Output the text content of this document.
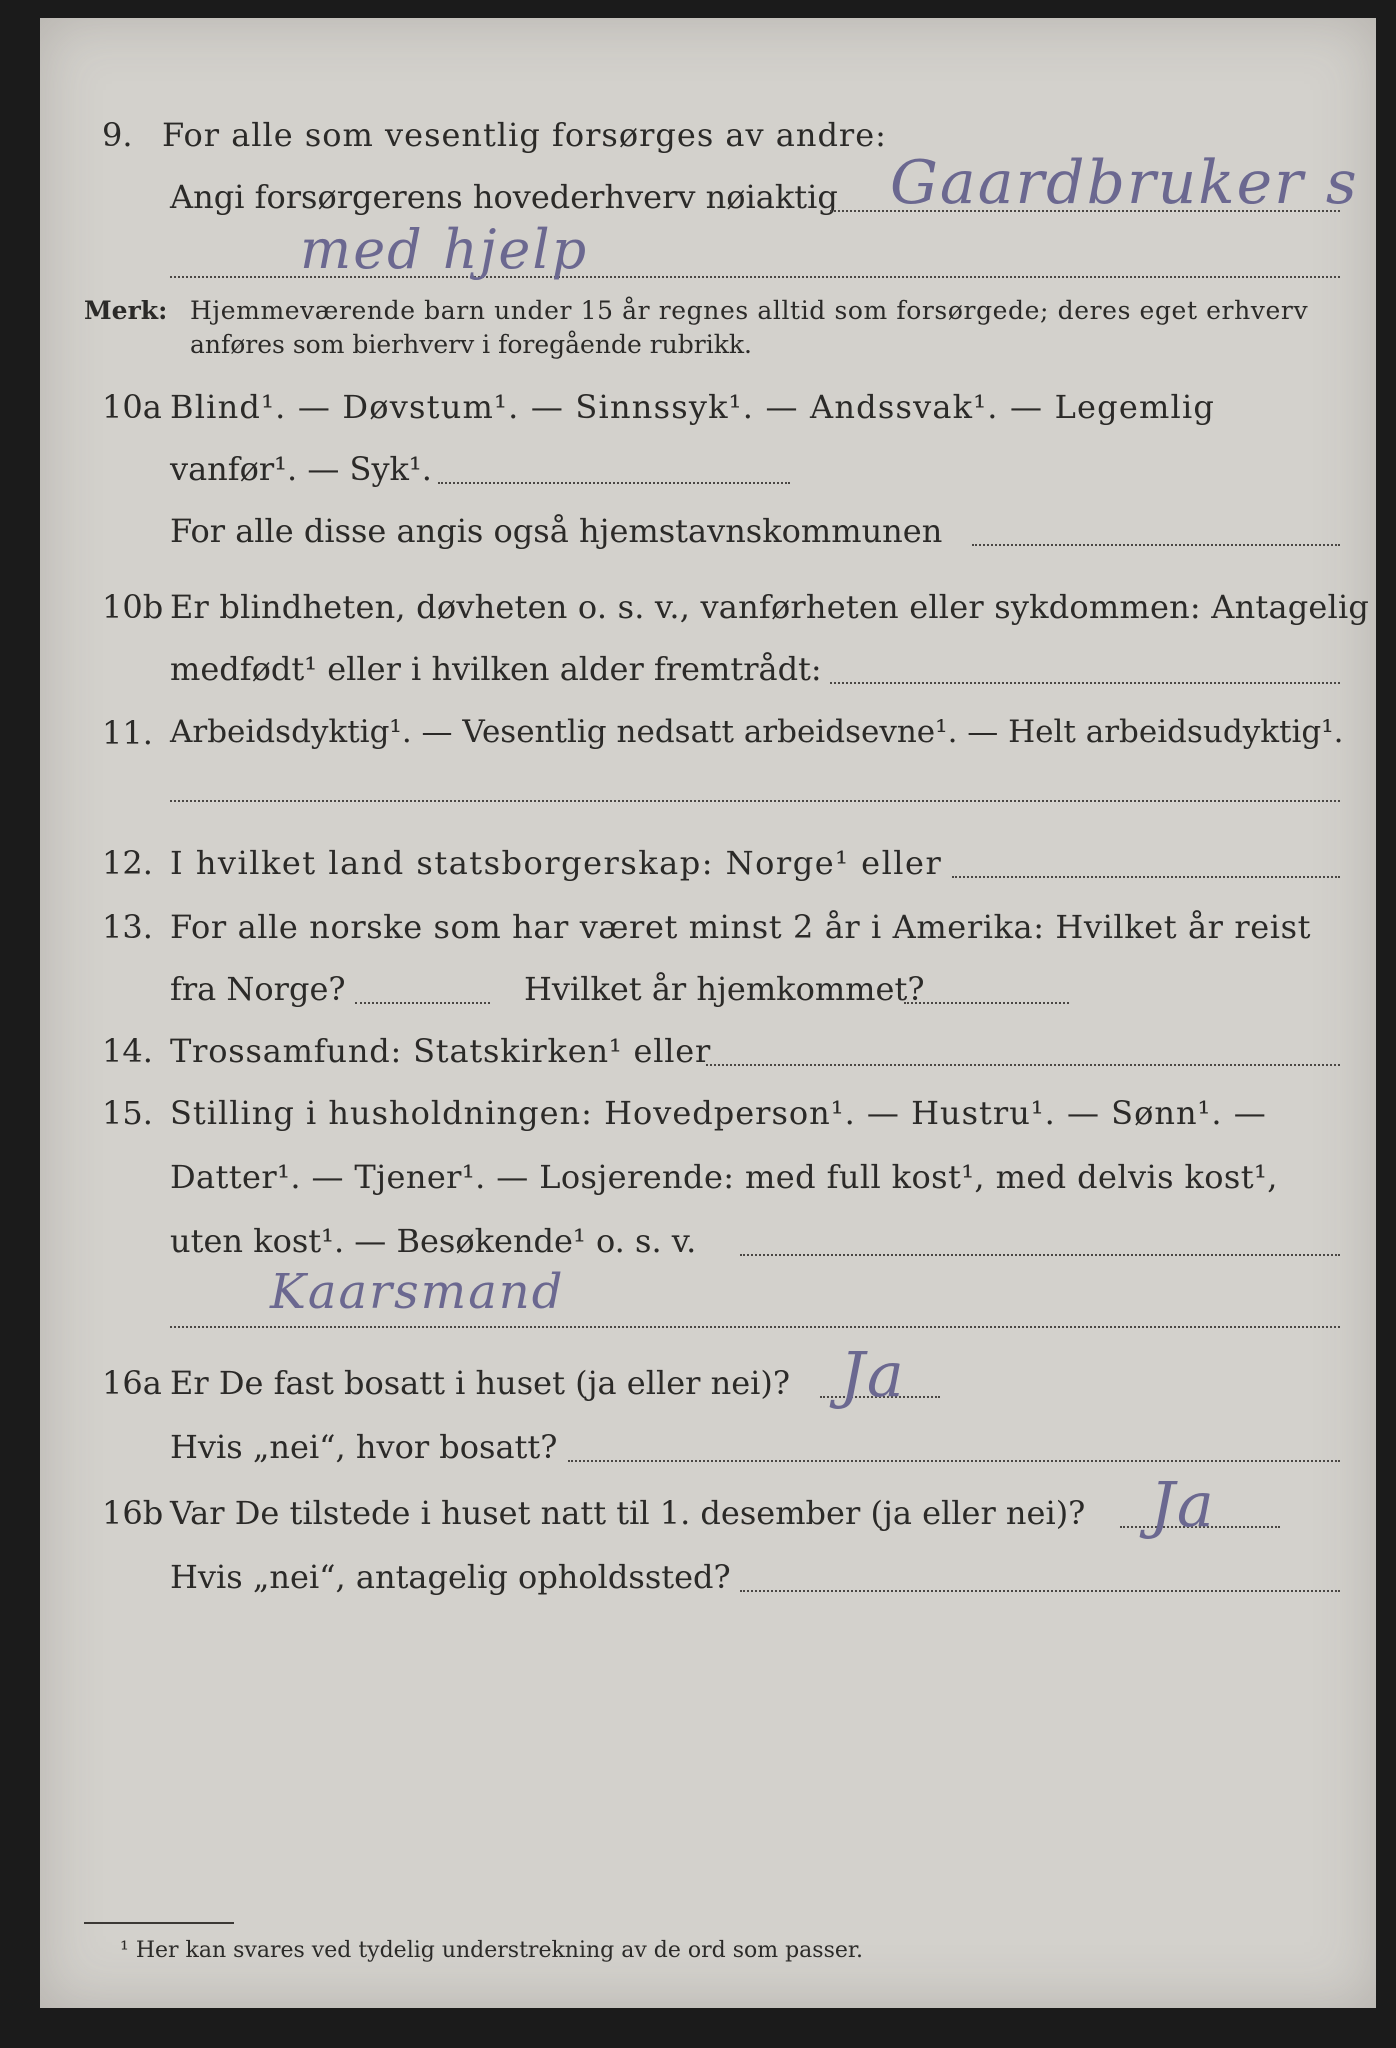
9. For alle som vesentlig forsørges av andre:
Angi forsørgerens hovederhverv nøiaktig Gaardbruker s
med hjelp
Merk: Hjemmeværende barn under 15 år regnes alltid som forsørgede; deres eget erhverv
anføres som bierhverv i foregående rubrikk.
10a Blind¹. — Døvstum¹. — Sinnssyk¹. — Andssvak¹. — Legemlig
vanfør¹. — Syk¹.
For alle disse angis også hjemstavnskommunen
10b Er blindheten, døvheten o. s. v., vanførheten eller sykdommen: Antagelig
medfødt¹ eller i hvilken alder fremtrådt:
11. Arbeidsdyktig¹. — Vesentlig nedsatt arbeidsevne¹. — Helt arbeidsudyktig¹.
12. I hvilket land statsborgerskap: Norge¹ eller
13. For alle norske som har været minst 2 år i Amerika: Hvilket år reist
fra Norge?	Hvilket år hjemkommet?
14. Trossamfund: Statskirken¹ eller
15. Stilling i husholdningen: Hovedperson¹. — Hustru¹. — Sønn¹. —
Datter¹. — Tjener¹. — Losjerende: med full kost¹, med delvis kost¹,
uten kost¹. — Besøkende¹ o. s. v.
Kaarsmand
16a Er De fast bosatt i huset (ja eller nei)? Ja
Hvis „nei“, hvor bosatt?
16b Var De tilstede i huset natt til 1. desember (ja eller nei)? Ja
Hvis „nei“, antagelig opholdssted?
¹ Her kan svares ved tydelig understrekning av de ord som passer.
